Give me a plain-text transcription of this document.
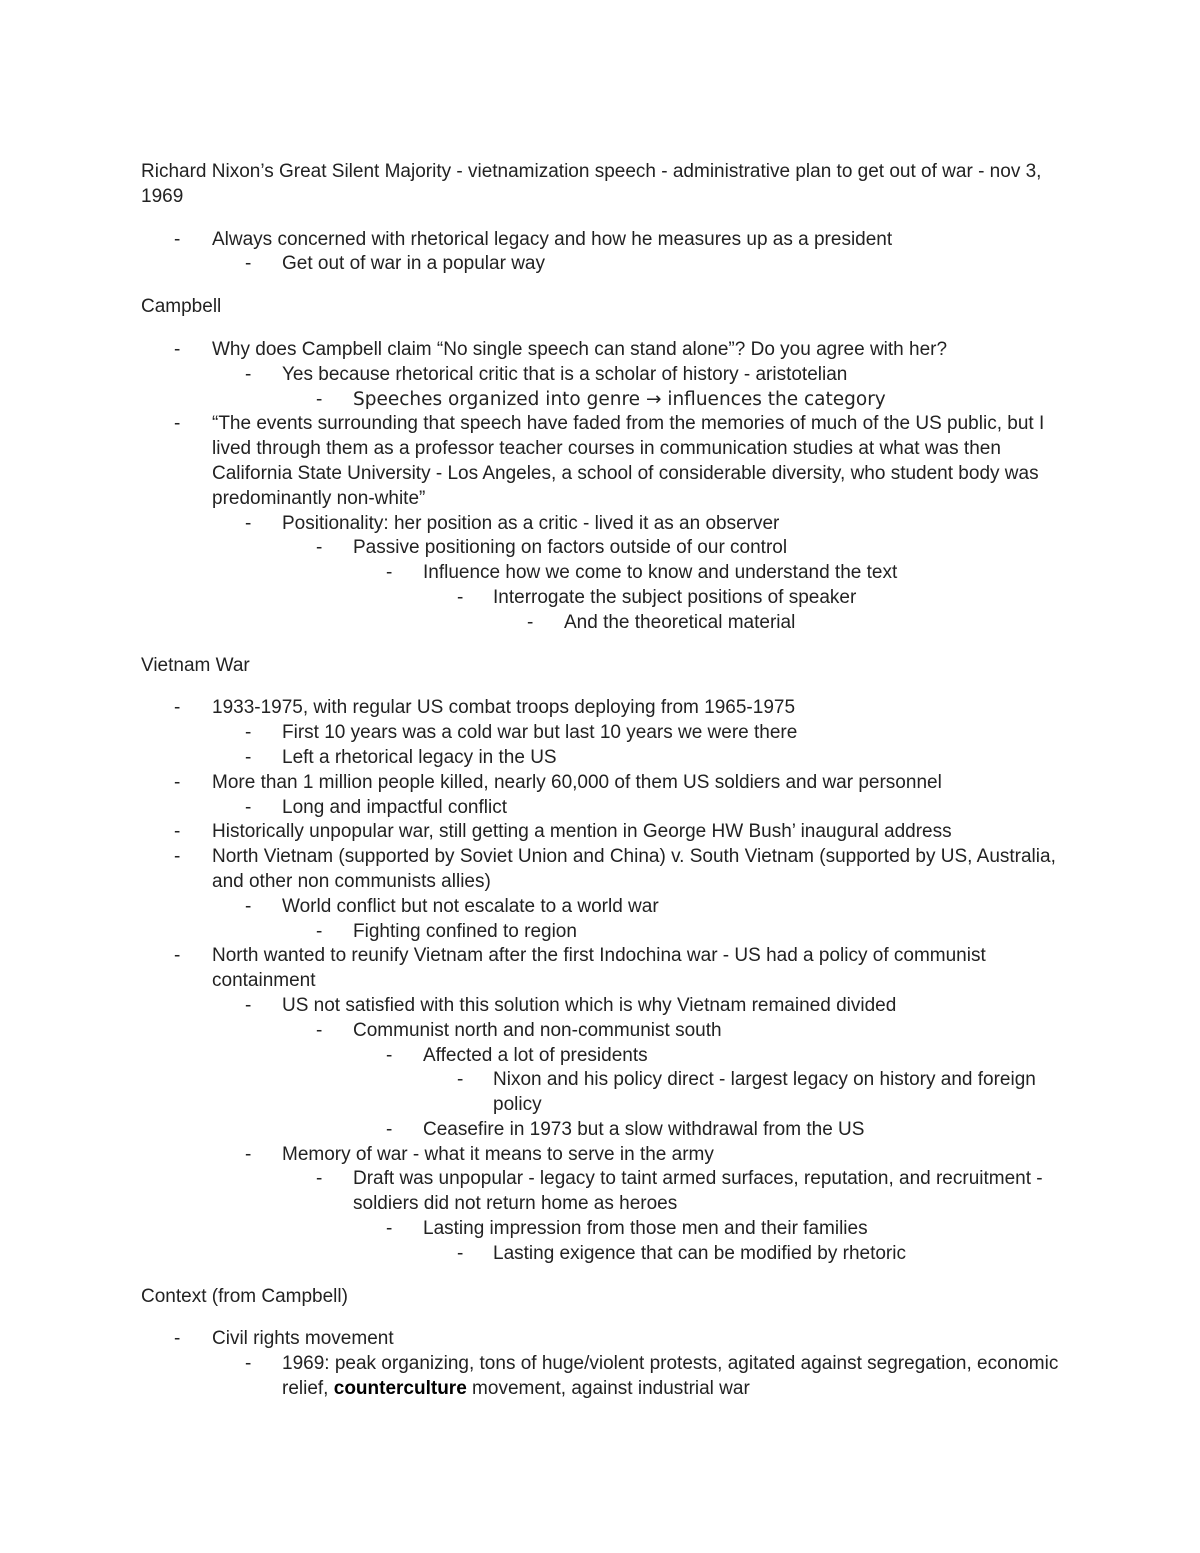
Richard Nixon’s Great Silent Majority - vietnamization speech - administrative plan to get out of war - nov 3, 1969

- Always concerned with rhetorical legacy and how he measures up as a president
- Get out of war in a popular way

Campbell

- Why does Campbell claim “No single speech can stand alone”? Do you agree with her?
- Yes because rhetorical critic that is a scholar of history - aristotelian
- Speeches organized into genre → influences the category
- “The events surrounding that speech have faded from the memories of much of the US public, but I lived through them as a professor teacher courses in communication studies at what was then California State University - Los Angeles, a school of considerable diversity, who student body was predominantly non-white”
- Positionality: her position as a critic - lived it as an observer
- Passive positioning on factors outside of our control
- Influence how we come to know and understand the text
- Interrogate the subject positions of speaker
- And the theoretical material

Vietnam War

- 1933-1975, with regular US combat troops deploying from 1965-1975
- First 10 years was a cold war but last 10 years we were there
- Left a rhetorical legacy in the US
- More than 1 million people killed, nearly 60,000 of them US soldiers and war personnel
- Long and impactful conflict
- Historically unpopular war, still getting a mention in George HW Bush’ inaugural address
- North Vietnam (supported by Soviet Union and China) v. South Vietnam (supported by US, Australia, and other non communists allies)
- World conflict but not escalate to a world war
- Fighting confined to region
- North wanted to reunify Vietnam after the first Indochina war - US had a policy of communist containment
- US not satisfied with this solution which is why Vietnam remained divided
- Communist north and non-communist south
- Affected a lot of presidents
- Nixon and his policy direct - largest legacy on history and foreign policy
- Ceasefire in 1973 but a slow withdrawal from the US
- Memory of war - what it means to serve in the army
- Draft was unpopular - legacy to taint armed surfaces, reputation, and recruitment - soldiers did not return home as heroes
- Lasting impression from those men and their families
- Lasting exigence that can be modified by rhetoric

Context (from Campbell)

- Civil rights movement
- 1969: peak organizing, tons of huge/violent protests, agitated against segregation, economic relief, counterculture movement, against industrial war
